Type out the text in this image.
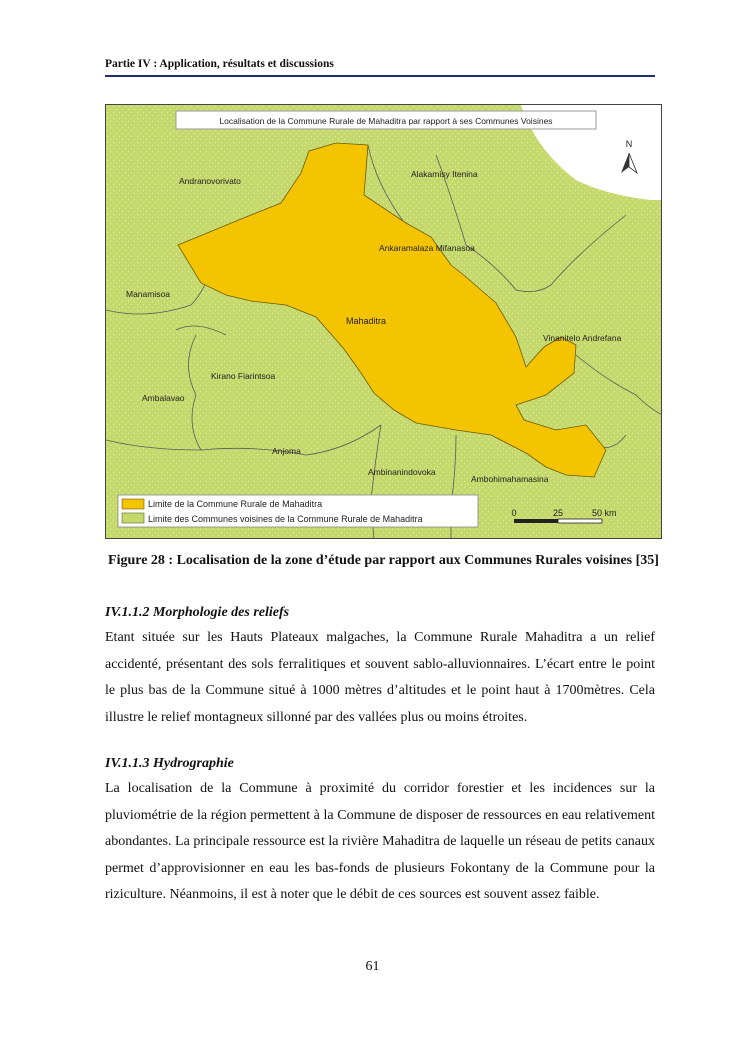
Partie IV : Application, résultats et discussions
Localisation de la Commune Rurale de Mahaditra par rapport à ses Communes Voisines
N
Andranovorivato
Alakamisy Itenina
Ankaramalaza Mifanasoa
Manamisoa
Mahaditra
Vinanitelo Andrefana
Kirano Fiarintsoa
Ambalavao
Anjoma
Ambinanindovoka
Ambohimahamasina
Limite de la Commune Rurale de Mahaditra
Limite des Communes voisines de la Commune Rurale de Mahaditra
0	25	50 km
Figure 28 : Localisation de la zone d’étude par rapport aux Communes Rurales voisines [35]
IV.1.1.2 Morphologie des reliefs

Etant située sur les Hauts Plateaux malgaches, la Commune Rurale Mahaditra a un relief accidenté, présentant des sols ferralitiques et souvent sablo-alluvionnaires. L’écart entre le point le plus bas de la Commune situé à 1000 mètres d’altitudes et le point haut à 1700mètres. Cela illustre le relief montagneux sillonné par des vallées plus ou moins étroites.

IV.1.1.3 Hydrographie

La localisation de la Commune à proximité du corridor forestier et les incidences sur la pluviométrie de la région permettent à la Commune de disposer de ressources en eau relativement abondantes. La principale ressource est la rivière Mahaditra de laquelle un réseau de petits canaux permet d’approvisionner en eau les bas-fonds de plusieurs Fokontany de la Commune pour la riziculture. Néanmoins, il est à noter que le débit de ces sources est souvent assez faible.

61
